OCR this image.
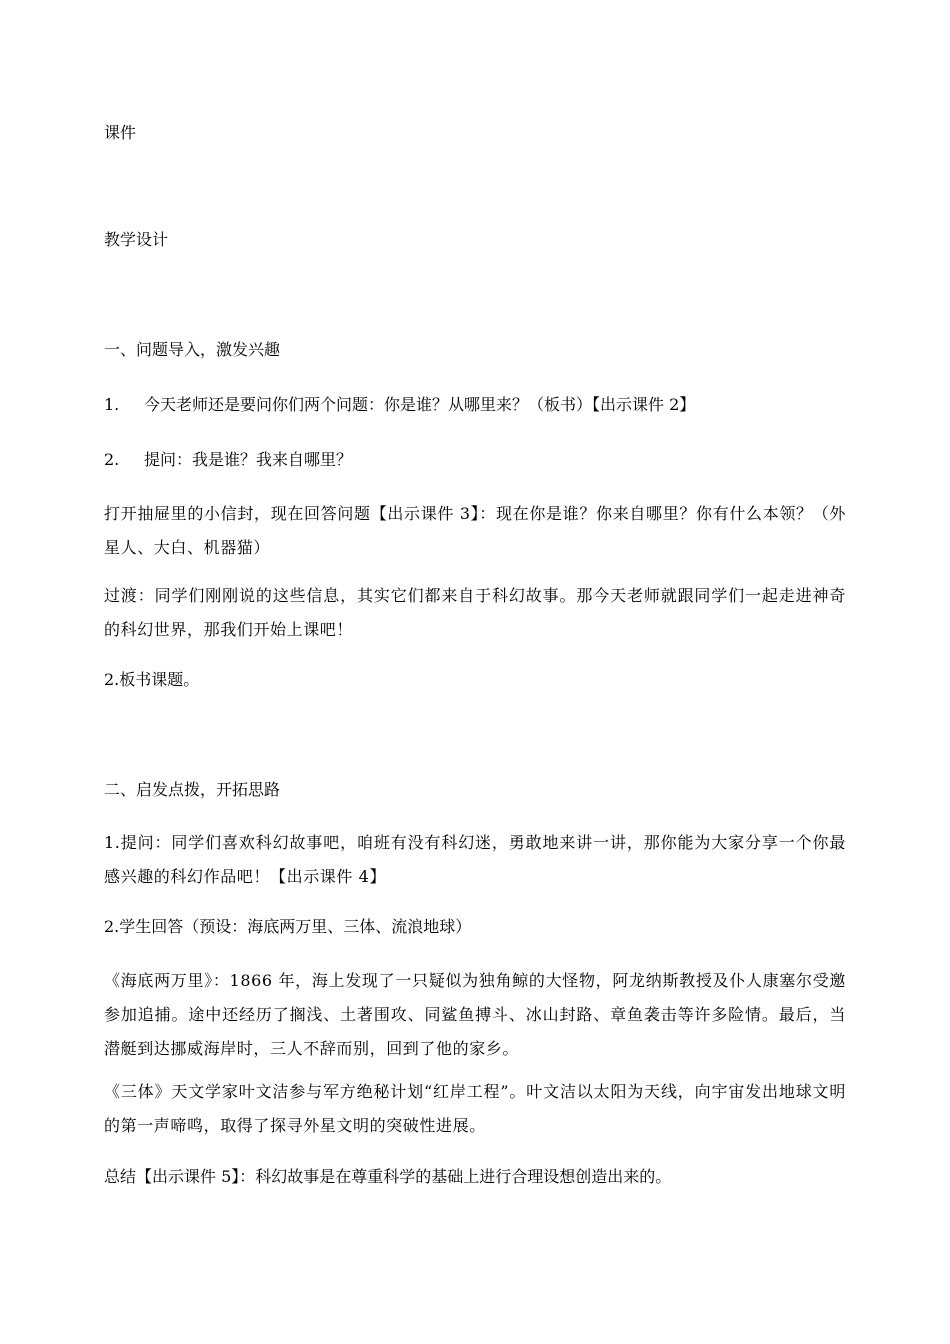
课件
教学设计
一、问题导入，激发兴趣
1. 今天老师还是要问你们两个问题：你是谁？从哪里来？（板书）【出示课件 2】
2. 提问：我是谁？我来自哪里？
打开抽屉里的小信封，现在回答问题【出示课件 3】：现在你是谁？你来自哪里？你有什么本领？（外星人、大白、机器猫）
过渡：同学们刚刚说的这些信息，其实它们都来自于科幻故事。那今天老师就跟同学们一起走进神奇的科幻世界，那我们开始上课吧！
2.板书课题。
二、启发点拨，开拓思路
1.提问：同学们喜欢科幻故事吧，咱班有没有科幻迷，勇敢地来讲一讲，那你能为大家分享一个你最感兴趣的科幻作品吧！【出示课件 4】
2.学生回答（预设：海底两万里、三体、流浪地球）
《海底两万里》：1866 年，海上发现了一只疑似为独角鲸的大怪物，阿龙纳斯教授及仆人康塞尔受邀参加追捕。途中还经历了搁浅、土著围攻、同鲨鱼搏斗、冰山封路、章鱼袭击等许多险情。最后，当潜艇到达挪威海岸时，三人不辞而别，回到了他的家乡。
《三体》天文学家叶文洁参与军方绝秘计划“红岸工程”。叶文洁以太阳为天线，向宇宙发出地球文明的第一声啼鸣，取得了探寻外星文明的突破性进展。
总结【出示课件 5】：科幻故事是在尊重科学的基础上进行合理设想创造出来的。
